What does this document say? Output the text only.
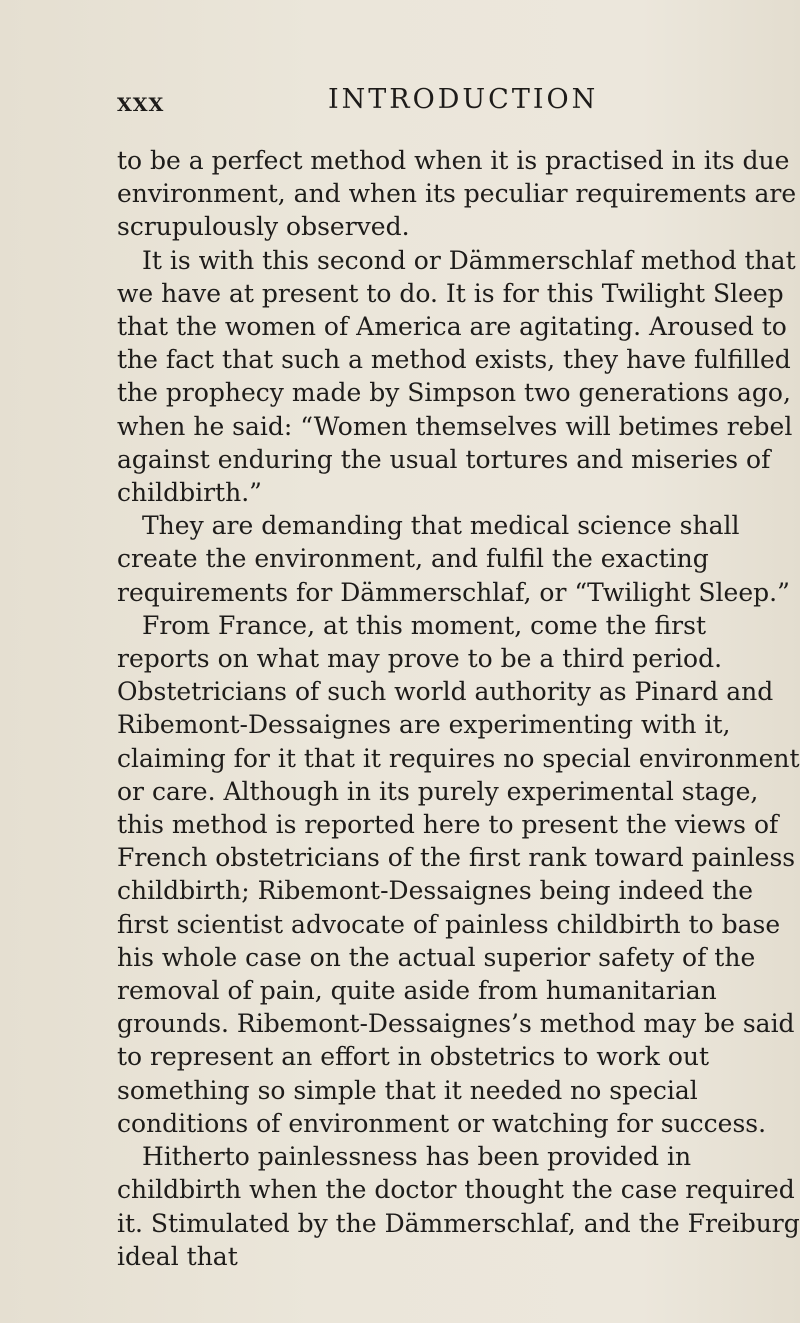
XXX	INTRODUCTION

to be a perfect method when it is practised in its due environment, and when its peculiar requirements are scrupulously observed.

It is with this second or Dämmerschlaf method that we have at present to do. It is for this Twilight Sleep that the women of America are agitating. Aroused to the fact that such a method exists, they have fulfilled the prophecy made by Simpson two generations ago, when he said: “Women themselves will betimes rebel against enduring the usual tortures and miseries of childbirth.”

They are demanding that medical science shall create the environment, and fulfil the exacting requirements for Dämmerschlaf, or “Twilight Sleep.”

From France, at this moment, come the first reports on what may prove to be a third period. Obstetricians of such world authority as Pinard and Ribemont-Dessaignes are experimenting with it, claiming for it that it requires no special environment or care. Although in its purely experimental stage, this method is reported here to present the views of French obstetricians of the first rank toward painless childbirth; Ribemont-Dessaignes being indeed the first scientist advocate of painless childbirth to base his whole case on the actual superior safety of the removal of pain, quite aside from humanitarian grounds. Ribemont-Dessaignes’s method may be said to represent an effort in obstetrics to work out something so simple that it needed no special conditions of environment or watching for success.

Hitherto painlessness has been provided in childbirth when the doctor thought the case required it. Stimulated by the Dämmerschlaf, and the Freiburg ideal that
